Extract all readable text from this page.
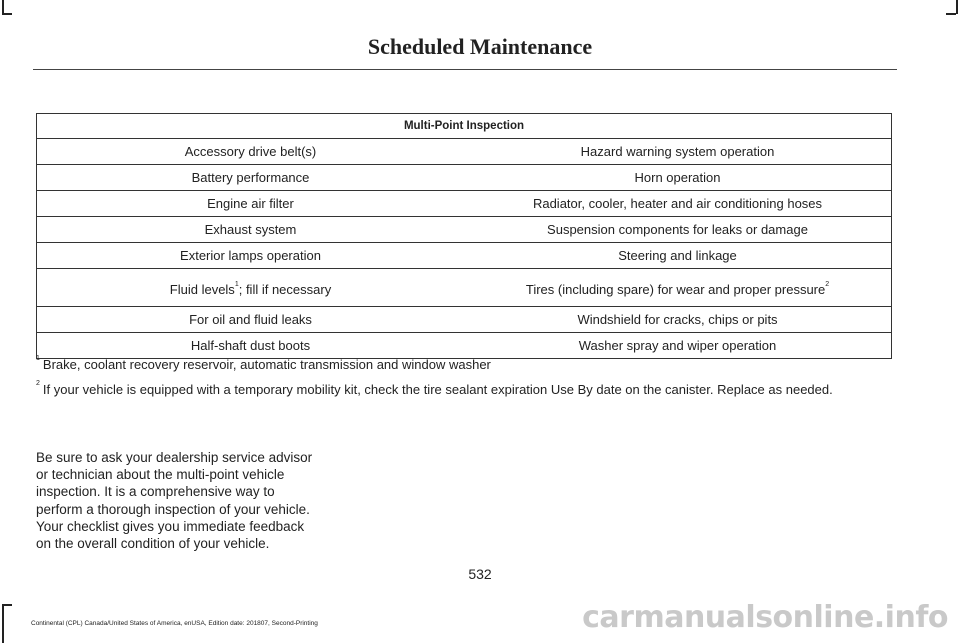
Scheduled Maintenance
Multi-Point Inspection	
Accessory drive belt(s)	Hazard warning system operation
Battery performance	Horn operation
Engine air filter	Radiator, cooler, heater and air conditioning hoses
Exhaust system	Suspension components for leaks or damage
Exterior lamps operation	Steering and linkage
Fluid levels$^1$; fill if necessary	Tires (including spare) for wear and proper pressure$^2$
For oil and fluid leaks	Windshield for cracks, chips or pits
Half-shaft dust boots	Washer spray and wiper operation
$^1$ Brake, coolant recovery reservoir, automatic transmission and window washer
$^2$ If your vehicle is equipped with a temporary mobility kit, check the tire sealant expiration Use By date on the canister. Replace as needed.
Be sure to ask your dealership service advisor or technician about the multi-point vehicle inspection. It is a comprehensive way to perform a thorough inspection of your vehicle. Your checklist gives you immediate feedback on the overall condition of your vehicle.
532
Continental (CPL) Canada/United States of America, enUSA, Edition date: 201807, Second-Printing	carmanualsonline.info
